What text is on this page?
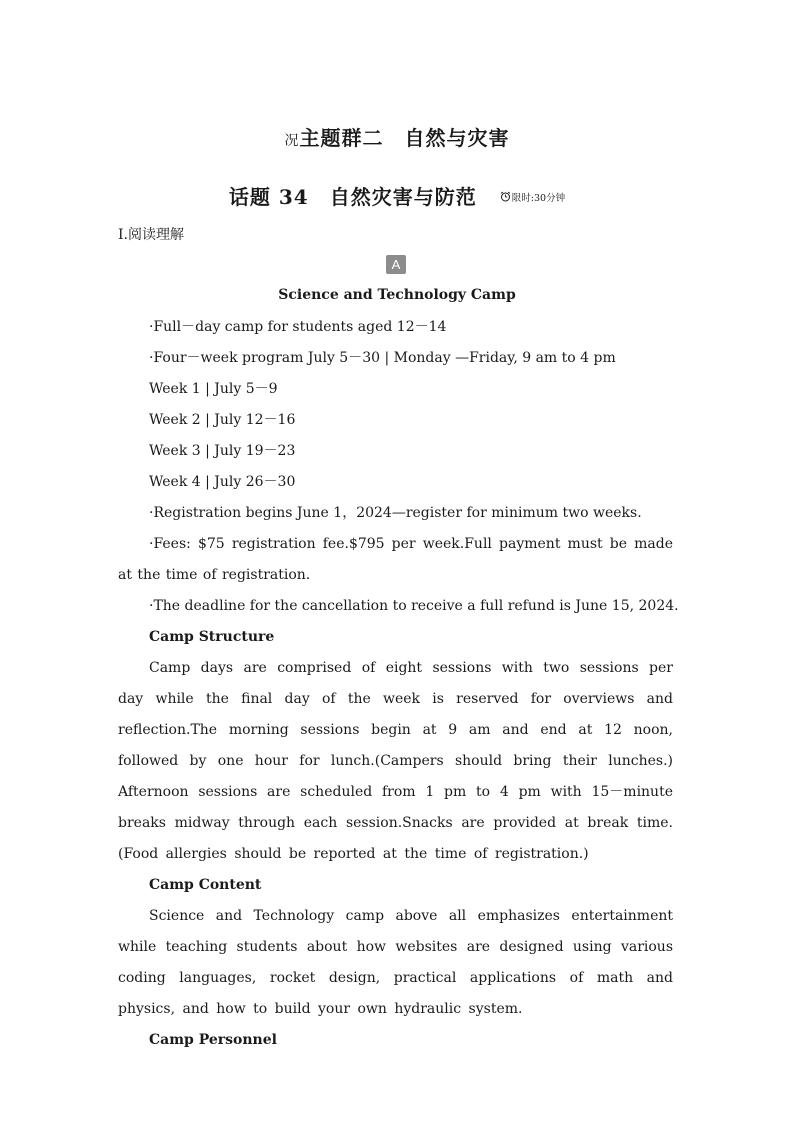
况主题群二　自然与灾害
话题 34　自然灾害与防范	限时:30分钟
Ⅰ.阅读理解
A
Science and Technology Camp
·Full－day camp for students aged 12－14
·Four－week program July 5－30 | Monday —Friday, 9 am to 4 pm
Week 1 | July 5－9
Week 2 | July 12－16
Week 3 | July 19－23
Week 4 | July 26－30
·Registration begins June 1，2024—register for minimum two weeks.
·Fees: $75 registration fee.$795 per week.Full payment must be made at the time of registration.
·The deadline for the cancellation to receive a full refund is June 15, 2024.
Camp Structure
Camp days are comprised of eight sessions with two sessions per day while the final day of the week is reserved for overviews and reflection.The morning sessions begin at 9 am and end at 12 noon, followed by one hour for lunch.(Campers should bring their lunches.) Afternoon sessions are scheduled from 1 pm to 4 pm with 15－minute breaks midway through each session.Snacks are provided at break time.(Food allergies should be reported at the time of registration.)
Camp Content
Science and Technology camp above all emphasizes entertainment while teaching students about how websites are designed using various coding languages, rocket design, practical applications of math and physics, and how to build your own hydraulic system.
Camp Personnel
